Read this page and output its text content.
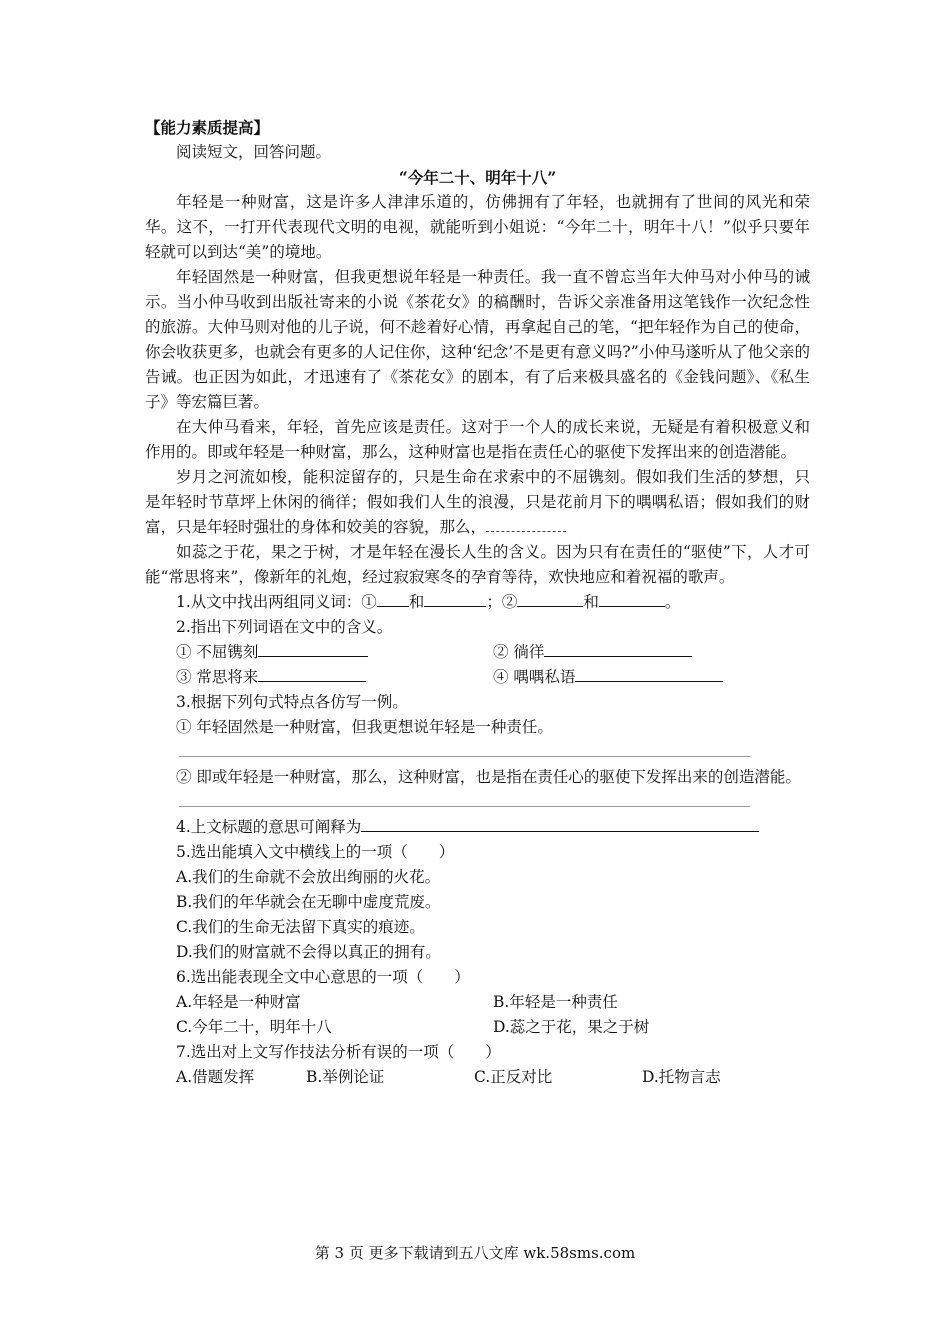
【能力素质提高】
阅读短文，回答问题。
“今年二十、明年十八”
年轻是一种财富，这是许多人津津乐道的，仿佛拥有了年轻，也就拥有了世间的风光和荣华。这不，一打开代表现代文明的电视，就能听到小姐说：“今年二十，明年十八！”似乎只要年轻就可以到达“美”的境地。
年轻固然是一种财富，但我更想说年轻是一种责任。我一直不曾忘当年大仲马对小仲马的诫示。当小仲马收到出版社寄来的小说《茶花女》的稿酬时，告诉父亲准备用这笔钱作一次纪念性的旅游。大仲马则对他的儿子说，何不趁着好心情，再拿起自己的笔，“把年轻作为自己的使命，你会收获更多，也就会有更多的人记住你，这种‘纪念’不是更有意义吗?”小仲马遂听从了他父亲的告诫。也正因为如此，才迅速有了《茶花女》的剧本，有了后来极具盛名的《金钱问题》、《私生子》等宏篇巨著。
在大仲马看来，年轻，首先应该是责任。这对于一个人的成长来说，无疑是有着积极意义和作用的。即或年轻是一种财富，那么，这种财富也是指在责任心的驱使下发挥出来的创造潜能。
岁月之河流如梭，能积淀留存的，只是生命在求索中的不屈镌刻。假如我们生活的梦想，只是年轻时节草坪上休闲的徜徉；假如我们人生的浪漫，只是花前月下的喁喁私语；假如我们的财富，只是年轻时强壮的身体和姣美的容貌，那么，
如蕊之于花，果之于树，才是年轻在漫长人生的含义。因为只有在责任的“驱使”下，人才可能“常思将来”，像新年的礼炮，经过寂寂寒冬的孕育等待，欢快地应和着祝福的歌声。
1.从文中找出两组同义词：① 和	；②	和	。
2.指出下列词语在文中的含义。
① 不屈镌刻	② 徜徉
③ 常思将来	④ 喁喁私语
3.根据下列句式特点各仿写一例。
① 年轻固然是一种财富，但我更想说年轻是一种责任。
② 即或年轻是一种财富，那么，这种财富，也是指在责任心的驱使下发挥出来的创造潜能。
4.上文标题的意思可阐释为
5.选出能填入文中横线上的一项（　　）
A.我们的生命就不会放出绚丽的火花。
B.我们的年华就会在无聊中虚度荒废。
C.我们的生命无法留下真实的痕迹。
D.我们的财富就不会得以真正的拥有。
6.选出能表现全文中心意思的一项（　　）
A.年轻是一种财富	B.年轻是一种责任
C.今年二十，明年十八	D.蕊之于花，果之于树
7.选出对上文写作技法分析有误的一项（　　）
A.借题发挥	B.举例论证	C.正反对比	D.托物言志
第 3 页 更多下载请到五八文库 wk.58sms.com
